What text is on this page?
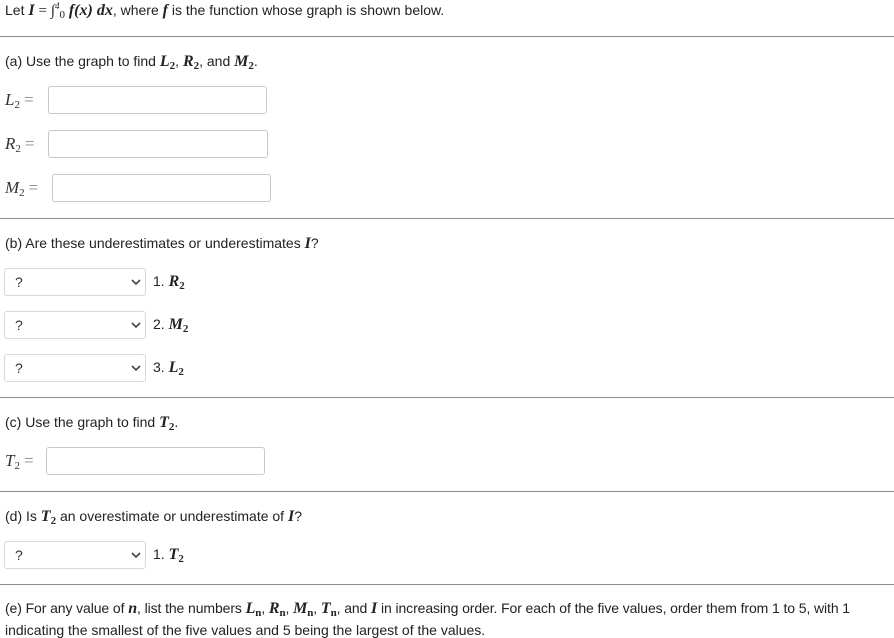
Let I = ∫$^4_0$ f(x) dx, where f is the function whose graph is shown below.
(a) Use the graph to find $L_2$, $R_2$, and $M_2$.
$L_2$ =
$R_2$ =
$M_2$ =
(b) Are these underestimates or underestimates I?
?	1. $R_2$
?	2. $M_2$
?	3. $L_2$
(c) Use the graph to find $T_2$.
$T_2$ =
(d) Is $T_2$ an overestimate or underestimate of I?
?	1. $T_2$
(e) For any value of n, list the numbers $L_n$, $R_n$, $M_n$, $T_n$, and I in increasing order. For each of the five values, order them from 1 to 5, with 1
indicating the smallest of the five values and 5 being the largest of the values.
